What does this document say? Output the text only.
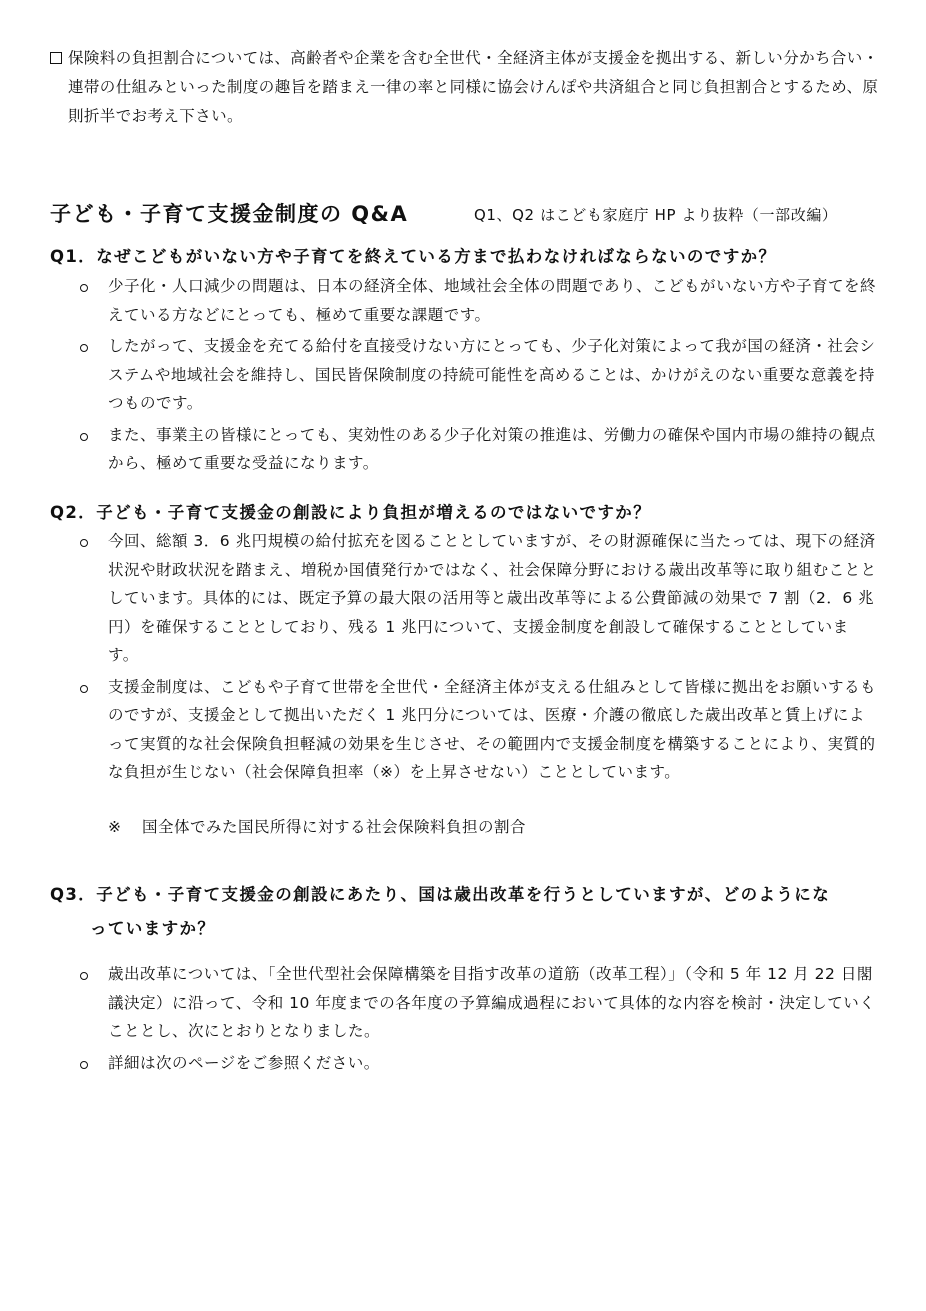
保険料の負担割合については、高齢者や企業を含む全世代・全経済主体が支援金を拠出する、新しい分かち合い・連帯の仕組みといった制度の趣旨を踏まえ一律の率と同様に協会けんぽや共済組合と同じ負担割合とするため、原則折半でお考え下さい。
子ども・子育て支援金制度の Q&A	Q1、Q2 はこども家庭庁 HP より抜粋（一部改編）
Q1．なぜこどもがいない方や子育てを終えている方まで払わなければならないのですか？
少子化・人口減少の問題は、日本の経済全体、地域社会全体の問題であり、こどもがいない方や子育てを終えている方などにとっても、極めて重要な課題です。
したがって、支援金を充てる給付を直接受けない方にとっても、少子化対策によって我が国の経済・社会システムや地域社会を維持し、国民皆保険制度の持続可能性を高めることは、かけがえのない重要な意義を持つものです。
また、事業主の皆様にとっても、実効性のある少子化対策の推進は、労働力の確保や国内市場の維持の観点から、極めて重要な受益になります。
Q2．子ども・子育て支援金の創設により負担が増えるのではないですか？
今回、総額 3．6 兆円規模の給付拡充を図ることとしていますが、その財源確保に当たっては、現下の経済状況や財政状況を踏まえ、増税か国債発行かではなく、社会保障分野における歳出改革等に取り組むこととしています。具体的には、既定予算の最大限の活用等と歳出改革等による公費節減の効果で 7 割（2．6 兆円）を確保することとしており、残る 1 兆円について、支援金制度を創設して確保することとしています。
支援金制度は、こどもや子育て世帯を全世代・全経済主体が支える仕組みとして皆様に拠出をお願いするものですが、支援金として拠出いただく 1 兆円分については、医療・介護の徹底した歳出改革と賃上げによって実質的な社会保険負担軽減の効果を生じさせ、その範囲内で支援金制度を構築することにより、実質的な負担が生じない（社会保障負担率（※）を上昇させない）こととしています。
※ 国全体でみた国民所得に対する社会保険料負担の割合
Q3．子ども・子育て支援金の創設にあたり、国は歳出改革を行うとしていますが、どのようにな
っていますか？
歳出改革については、「全世代型社会保障構築を目指す改革の道筋（改革工程）」（令和 5 年 12 月 22 日閣議決定）に沿って、令和 10 年度までの各年度の予算編成過程において具体的な内容を検討・決定していくこととし、次にとおりとなりました。
詳細は次のページをご参照ください。
